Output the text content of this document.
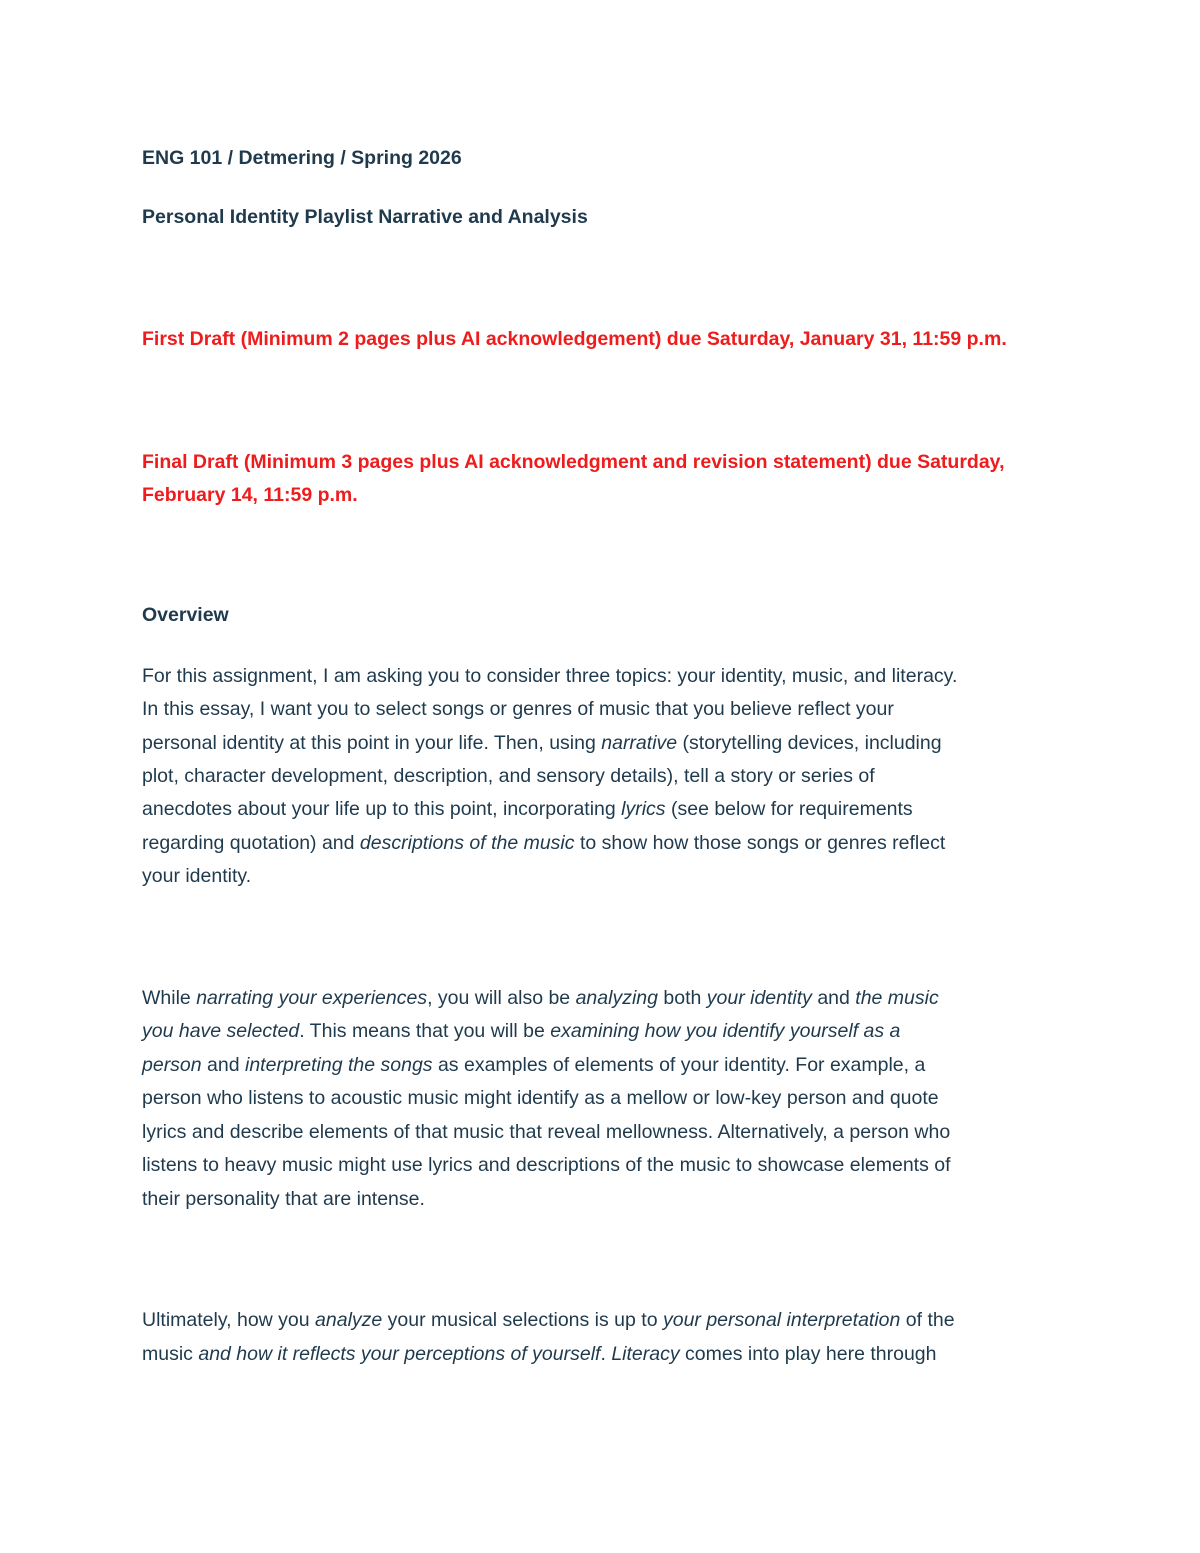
ENG 101 / Detmering / Spring 2026
Personal Identity Playlist Narrative and Analysis
First Draft (Minimum 2 pages plus AI acknowledgement) due Saturday, January 31, 11:59 p.m.
Final Draft (Minimum 3 pages plus AI acknowledgment and revision statement) due Saturday,
February 14, 11:59 p.m.
Overview
For this assignment, I am asking you to consider three topics: your identity, music, and literacy.
In this essay, I want you to select songs or genres of music that you believe reflect your
personal identity at this point in your life. Then, using narrative (storytelling devices, including
plot, character development, description, and sensory details), tell a story or series of
anecdotes about your life up to this point, incorporating lyrics (see below for requirements
regarding quotation) and descriptions of the music to show how those songs or genres reflect
your identity.
While narrating your experiences, you will also be analyzing both your identity and the music
you have selected. This means that you will be examining how you identify yourself as a
person and interpreting the songs as examples of elements of your identity. For example, a
person who listens to acoustic music might identify as a mellow or low-key person and quote
lyrics and describe elements of that music that reveal mellowness. Alternatively, a person who
listens to heavy music might use lyrics and descriptions of the music to showcase elements of
their personality that are intense.
Ultimately, how you analyze your musical selections is up to your personal interpretation of the
music and how it reflects your perceptions of yourself. Literacy comes into play here through
